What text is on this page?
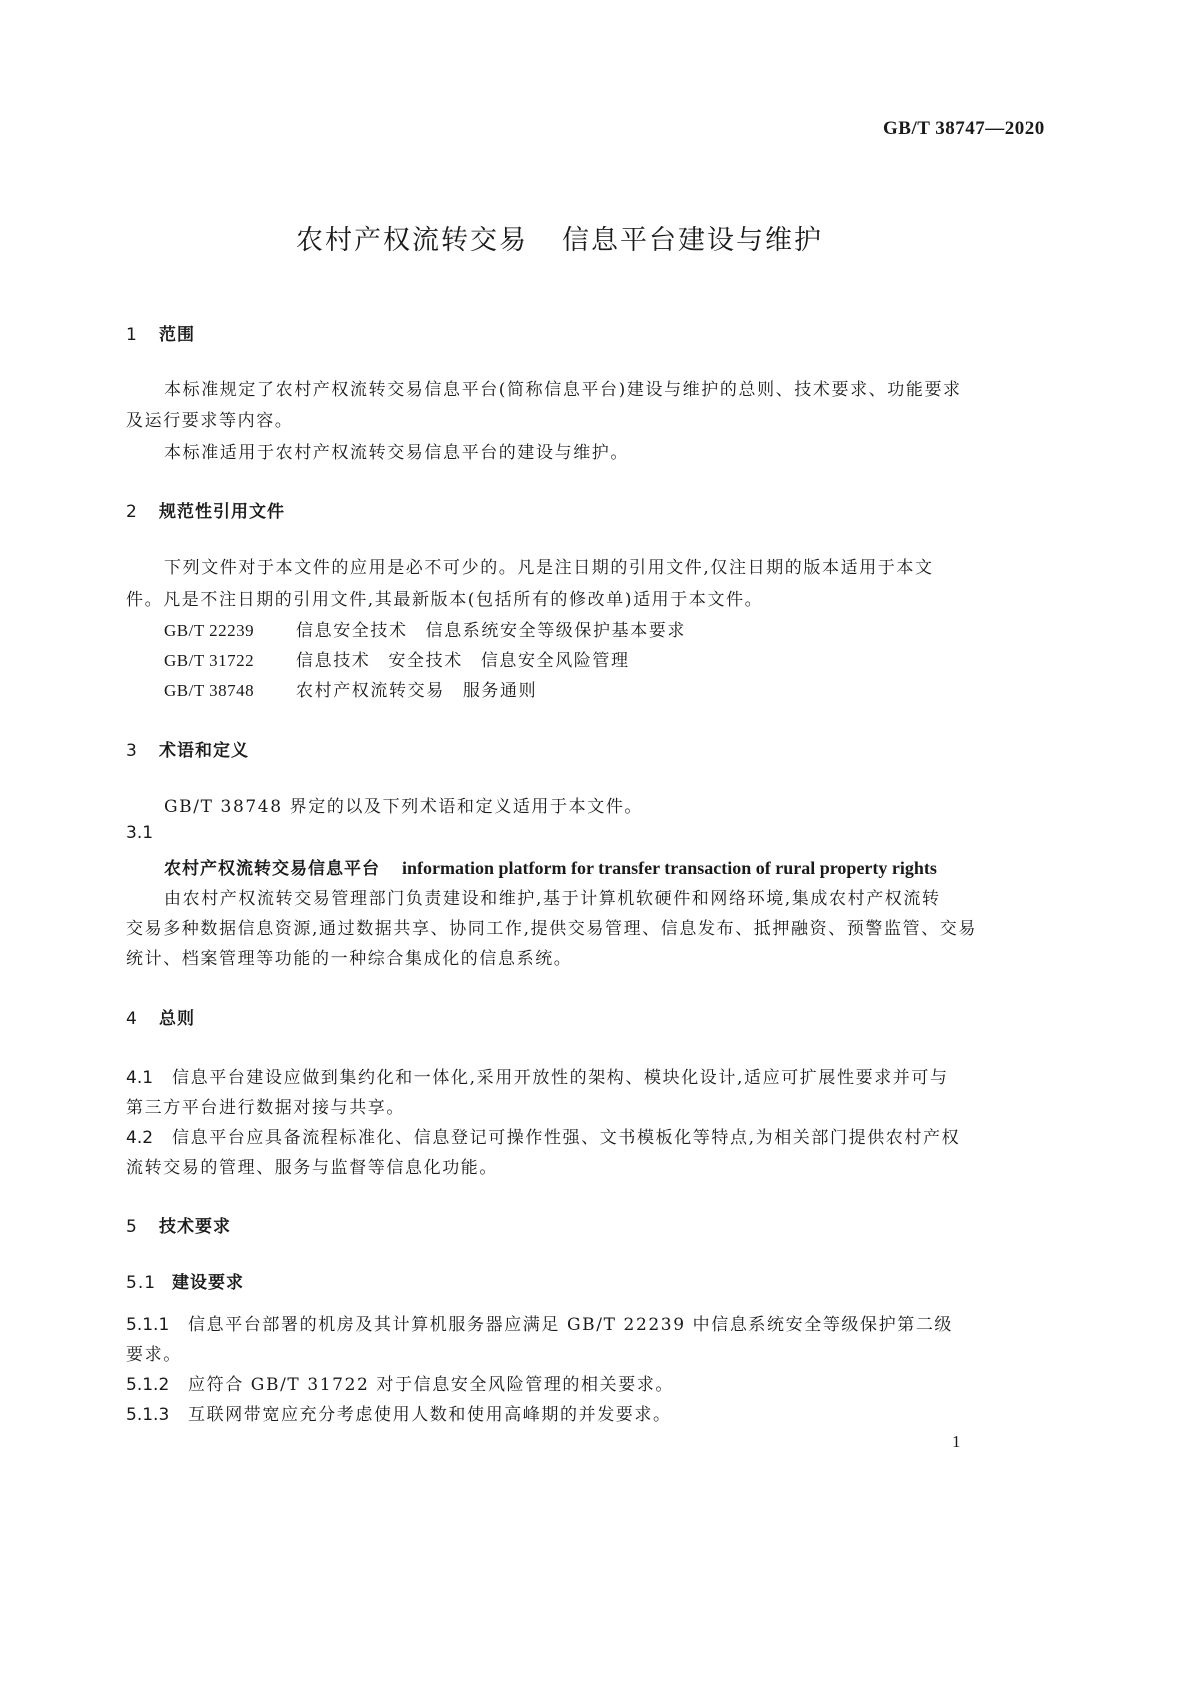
GB/T 38747—2020
农村产权流转交易 信息平台建设与维护
1 范围
本标准规定了农村产权流转交易信息平台(简称信息平台)建设与维护的总则、技术要求、功能要求
及运行要求等内容。
本标准适用于农村产权流转交易信息平台的建设与维护。
2 规范性引用文件
下列文件对于本文件的应用是必不可少的。凡是注日期的引用文件,仅注日期的版本适用于本文
件。凡是不注日期的引用文件,其最新版本(包括所有的修改单)适用于本文件。
GB/T 22239 信息安全技术 信息系统安全等级保护基本要求
GB/T 31722 信息技术 安全技术 信息安全风险管理
GB/T 38748 农村产权流转交易 服务通则
3 术语和定义
GB/T 38748 界定的以及下列术语和定义适用于本文件。
3.1
农村产权流转交易信息平台 information platform for transfer transaction of rural property rights
由农村产权流转交易管理部门负责建设和维护,基于计算机软硬件和网络环境,集成农村产权流转
交易多种数据信息资源,通过数据共享、协同工作,提供交易管理、信息发布、抵押融资、预警监管、交易
统计、档案管理等功能的一种综合集成化的信息系统。
4 总则
4.1 信息平台建设应做到集约化和一体化,采用开放性的架构、模块化设计,适应可扩展性要求并可与
第三方平台进行数据对接与共享。
4.2 信息平台应具备流程标准化、信息登记可操作性强、文书模板化等特点,为相关部门提供农村产权
流转交易的管理、服务与监督等信息化功能。
5 技术要求
5.1 建设要求
5.1.1 信息平台部署的机房及其计算机服务器应满足 GB/T 22239 中信息系统安全等级保护第二级
要求。
5.1.2 应符合 GB/T 31722 对于信息安全风险管理的相关要求。
5.1.3 互联网带宽应充分考虑使用人数和使用高峰期的并发要求。
1
